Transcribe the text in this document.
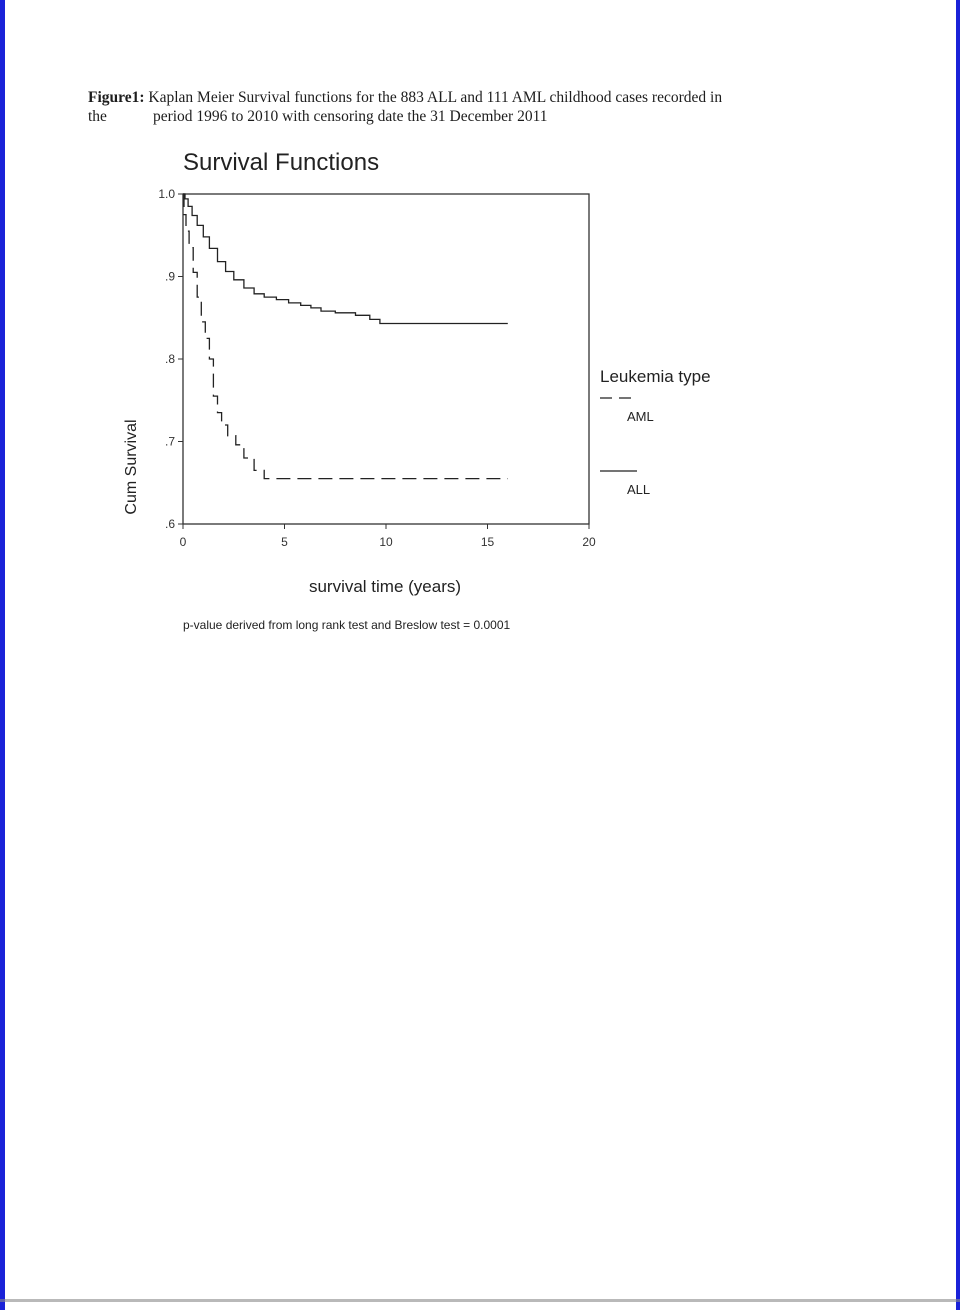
Figure1: Kaplan Meier Survival functions for the 883 ALL and 111 AML childhood cases recorded in
the	period 1996 to 2010 with censoring date the 31 December 2011
Survival Functions
.6
.7
.8
.9
1.0
0	5	10	15	20
Cum Survival
survival time (years)
Leukemia type
AML
ALL
p-value derived from long rank test and Breslow test = 0.0001
